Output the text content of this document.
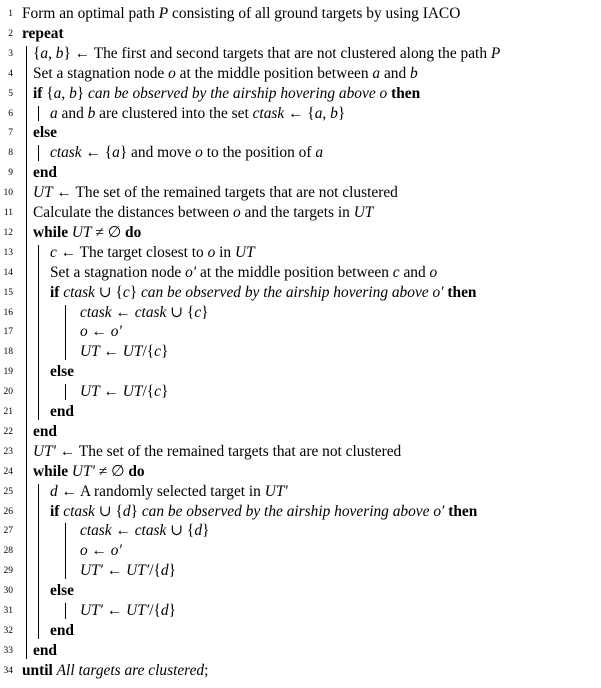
1 Form an optimal path P consisting of all ground targets by using IACO
2 repeat
3 {a, b} ← The first and second targets that are not clustered along the path P
4 Set a stagnation node o at the middle position between a and b
5 if {a, b} can be observed by the airship hovering above o then
6 a and b are clustered into the set ctask ← {a, b}
7 else
8 ctask ← {a} and move o to the position of a
9 end
10 UT ← The set of the remained targets that are not clustered
11 Calculate the distances between o and the targets in UT
12 while UT ≠ ∅ do
13 c ← The target closest to o in UT
14 Set a stagnation node o′ at the middle position between c and o
15 if ctask ∪ {c} can be observed by the airship hovering above o′ then
16	ctask ← ctask ∪ {c}
17	o ← o′
18	UT ← UT/{c}
19 else
20	UT ← UT/{c}
21 end
22 end
23 UT′ ← The set of the remained targets that are not clustered
24 while UT′ ≠ ∅ do
25 d ← A randomly selected target in UT′
26 if ctask ∪ {d} can be observed by the airship hovering above o′ then
27	ctask ← ctask ∪ {d}
28	o ← o′
29	UT′ ← UT′/{d}
30 else
31	UT′ ← UT′/{d}
32 end
33 end
34 until All targets are clustered;
